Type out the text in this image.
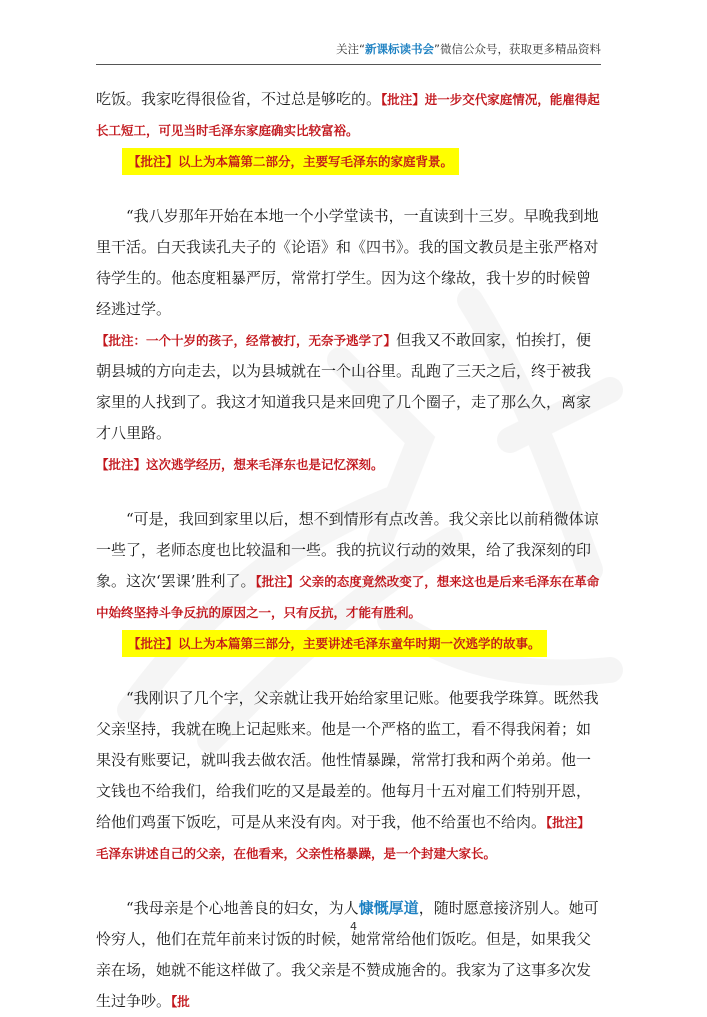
关注“新课标读书会”微信公众号，获取更多精品资料

吃饭。我家吃得很俭省，不过总是够吃的。【批注】进一步交代家庭情况，能雇得起长工短工，可见当时毛泽东家庭确实比较富裕。

【批注】以上为本篇第二部分，主要写毛泽东的家庭背景。

“我八岁那年开始在本地一个小学堂读书，一直读到十三岁。早晚我到地里干活。白天我读孔夫子的《论语》和《四书》。我的国文教员是主张严格对待学生的。他态度粗暴严厉，常常打学生。因为这个缘故，我十岁的时候曾经逃过学。

【批注：一个十岁的孩子，经常被打，无奈予逃学了】但我又不敢回家，怕挨打，便朝县城的方向走去，以为县城就在一个山谷里。乱跑了三天之后，终于被我家里的人找到了。我这才知道我只是来回兜了几个圈子，走了那么久，离家才八里路。

【批注】这次逃学经历，想来毛泽东也是记忆深刻。

“可是，我回到家里以后，想不到情形有点改善。我父亲比以前稍微体谅一些了，老师态度也比较温和一些。我的抗议行动的效果，给了我深刻的印象。这次‘罢课’胜利了。【批注】父亲的态度竟然改变了，想来这也是后来毛泽东在革命中始终坚持斗争反抗的原因之一，只有反抗，才能有胜利。

【批注】以上为本篇第三部分，主要讲述毛泽东童年时期一次逃学的故事。

“我刚识了几个字，父亲就让我开始给家里记账。他要我学珠算。既然我父亲坚持，我就在晚上记起账来。他是一个严格的监工，看不得我闲着；如果没有账要记，就叫我去做农活。他性情暴躁，常常打我和两个弟弟。他一文钱也不给我们，给我们吃的又是最差的。他每月十五对雇工们特别开恩，给他们鸡蛋下饭吃，可是从来没有肉。对于我，他不给蛋也不给肉。【批注】毛泽东讲述自己的父亲，在他看来，父亲性格暴躁，是一个封建大家长。

“我母亲是个心地善良的妇女，为人慷慨厚道，随时愿意接济别人。她可怜穷人，他们在荒年前来讨饭的时候，她常常给他们饭吃。但是，如果我父亲在场，她就不能这样做了。我父亲是不赞成施舍的。我家为了这事多次发生过争吵。【批

4
